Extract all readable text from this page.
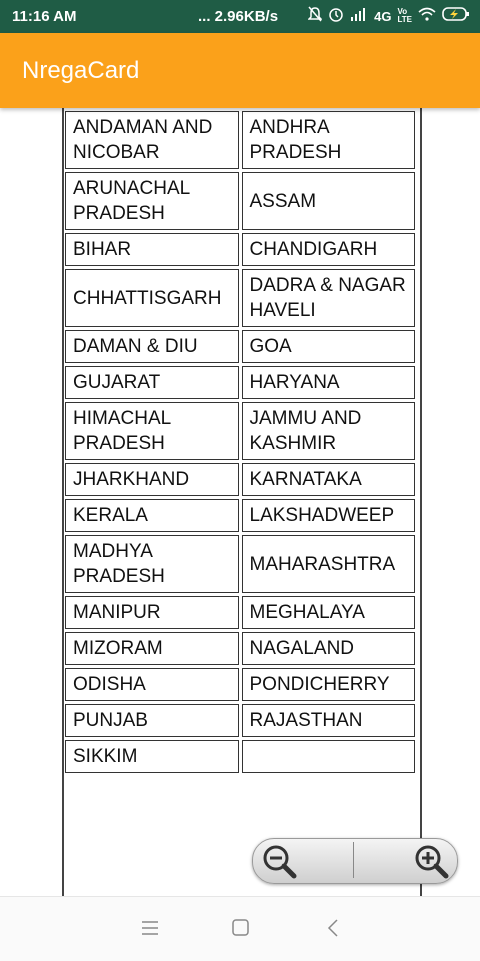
11:16 AM	... 2.96KB/s	4G Vo
LTE
NregaCard
ANDAMAN AND NICOBAR	ANDHRA PRADESH
ARUNACHAL PRADESH	ASSAM
BIHAR	CHANDIGARH
CHHATTISGARH	DADRA & NAGAR HAVELI
DAMAN & DIU	GOA
GUJARAT	HARYANA
HIMACHAL PRADESH	JAMMU AND KASHMIR
JHARKHAND	KARNATAKA
KERALA	LAKSHADWEEP
MADHYA PRADESH	MAHARASHTRA
MANIPUR	MEGHALAYA
MIZORAM	NAGALAND
ODISHA	PONDICHERRY
PUNJAB	RAJASTHAN
SIKKIM	
